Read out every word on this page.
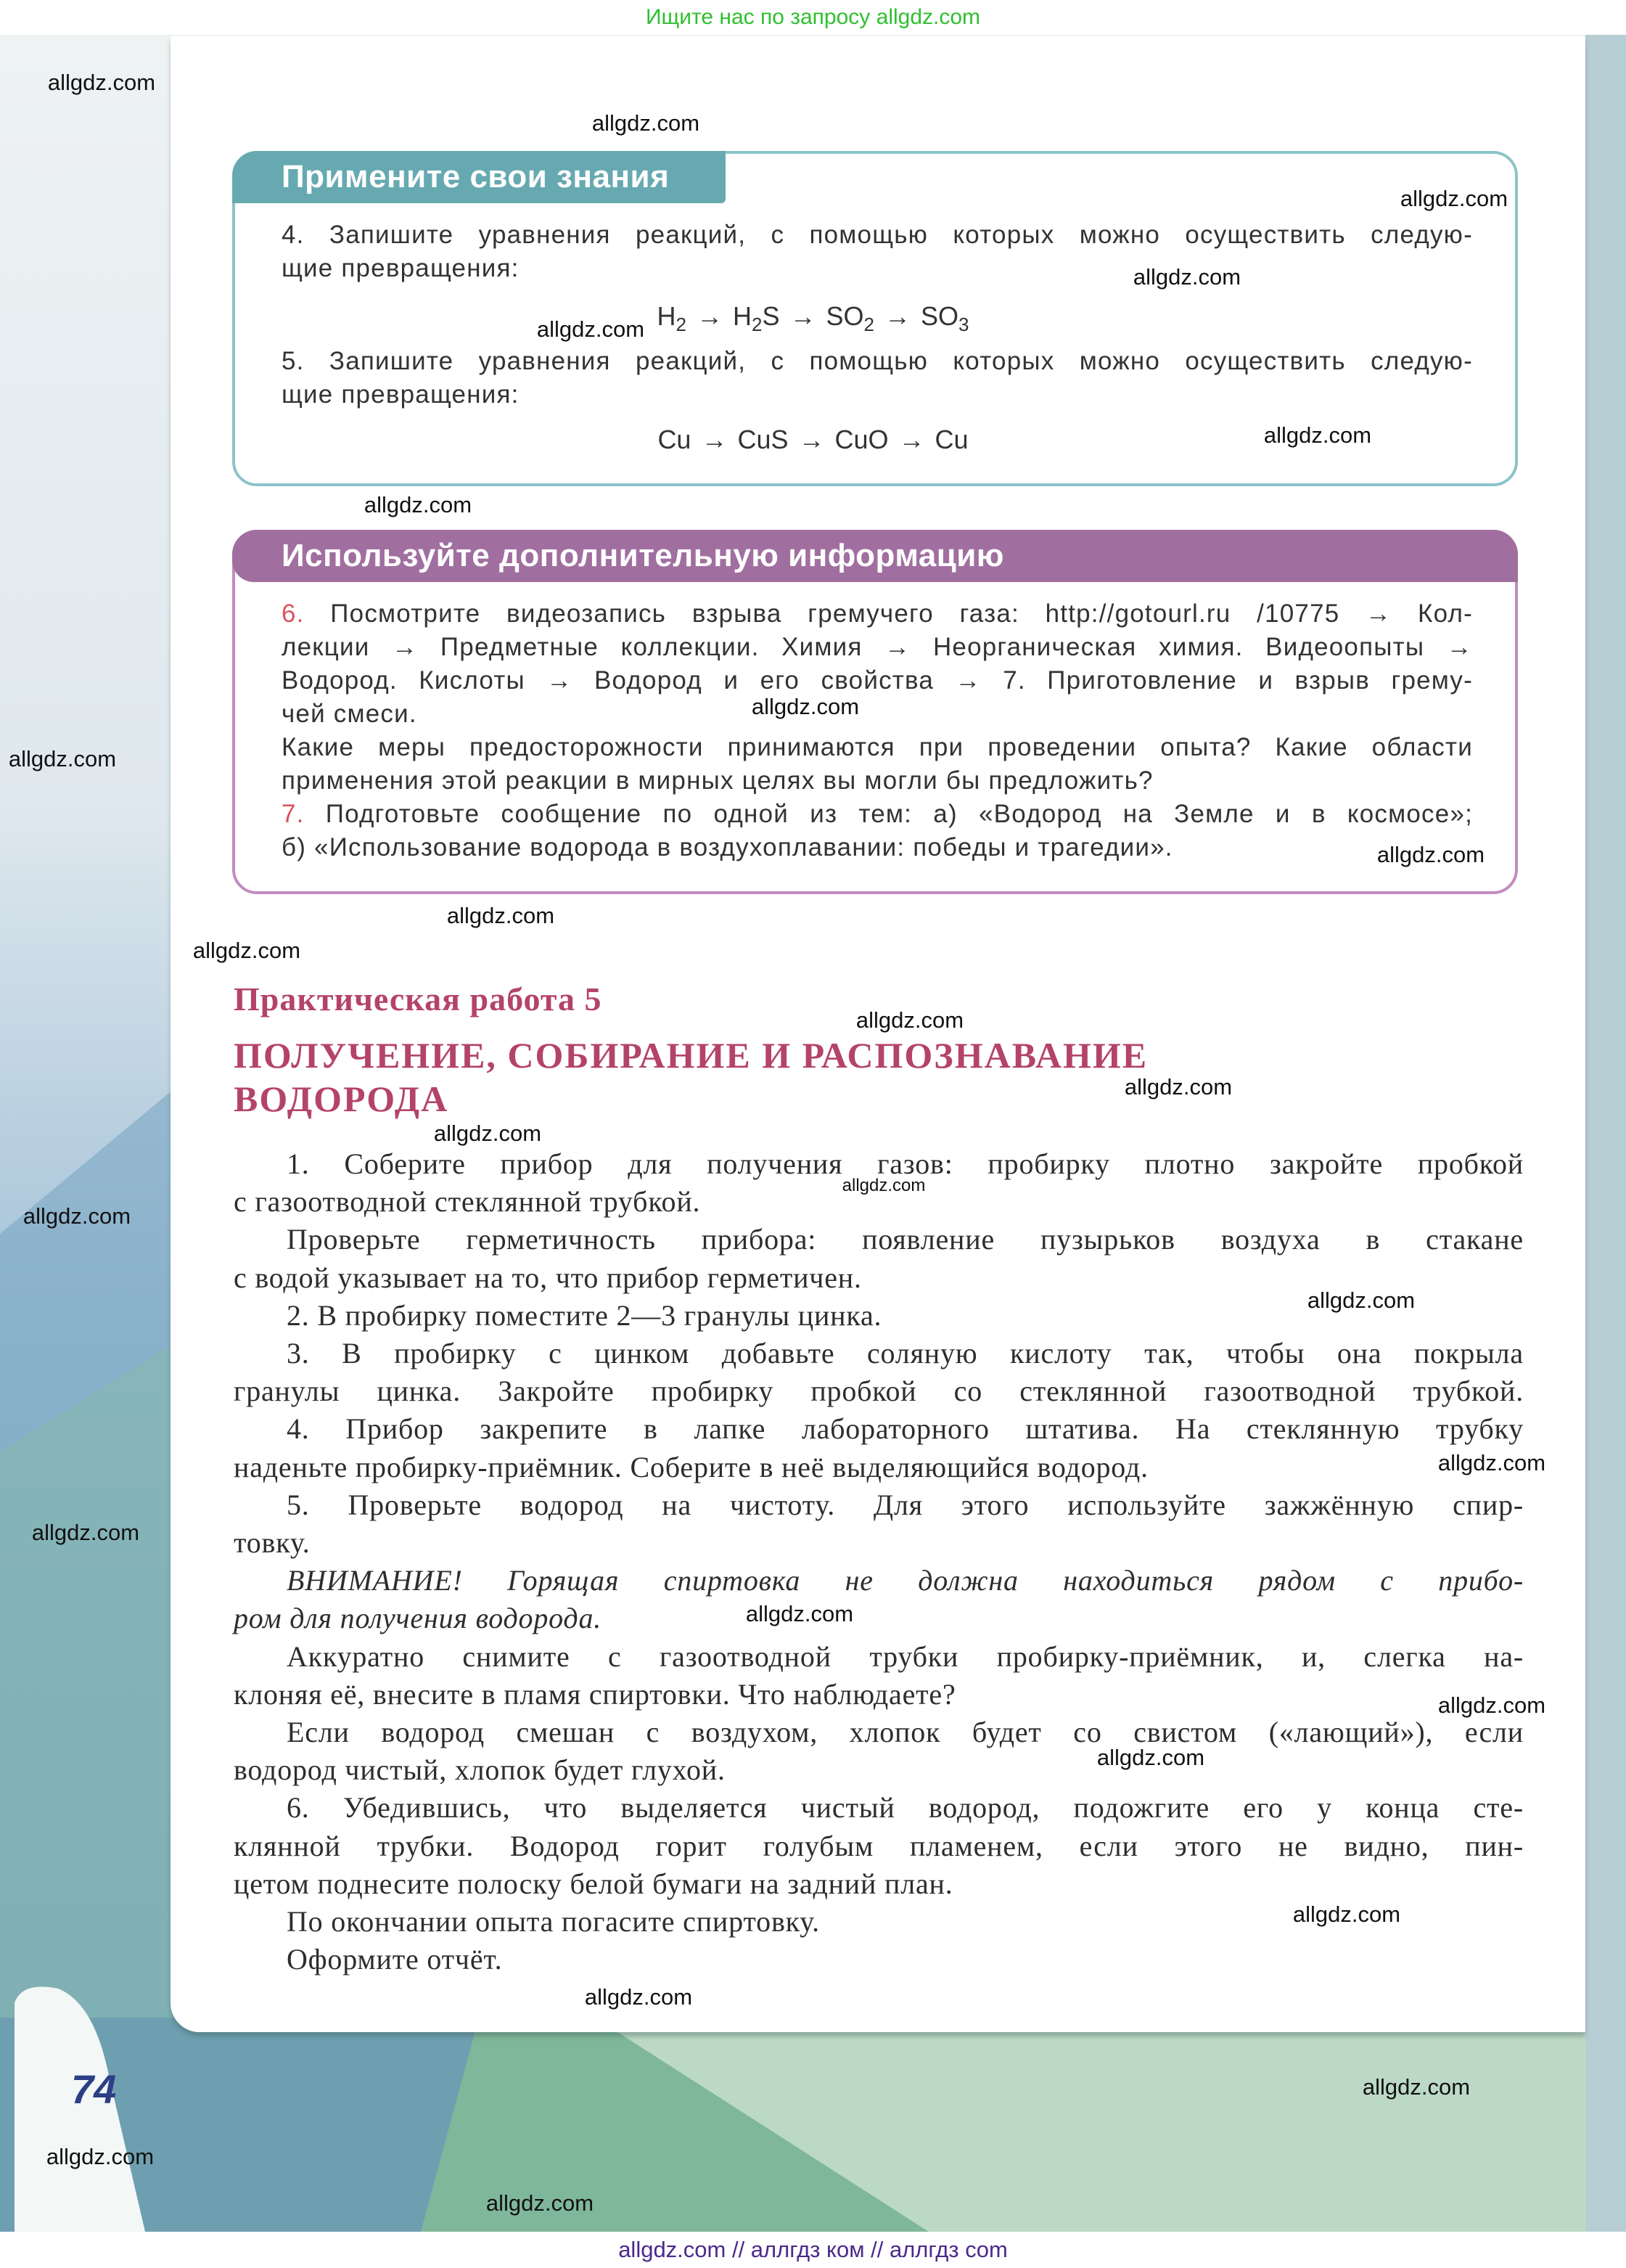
Ищите нас по запросу allgdz.com
Примените свои знания
4. Запишите уравнения реакций, с помощью которых можно осуществить следую-
щие превращения:
$H_2 \to H_2S \to SO_2 \to SO_3$
5. Запишите уравнения реакций, с помощью которых можно осуществить следую-
щие превращения:
Cu → CuS → CuO → Cu
Используйте дополнительную информацию
6. Посмотрите видеозапись взрыва гремучего газа: http://gotourl.ru /10775 → Кол-
лекции → Предметные коллекции. Химия → Неорганическая химия. Видеоопыты →
Водород. Кислоты → Водород и его свойства → 7. Приготовление и взрыв грему-
чей смеси.
Какие меры предосторожности принимаются при проведении опыта? Какие области
применения этой реакции в мирных целях вы могли бы предложить?
7. Подготовьте сообщение по одной из тем: а) «Водород на Земле и в космосе»;
б) «Использование водорода в воздухоплавании: победы и трагедии».
Практическая работа 5
ПОЛУЧЕНИЕ, СОБИРАНИЕ И РАСПОЗНАВАНИЕ
ВОДОРОДА
1. Соберите прибор для получения газов: пробирку плотно закройте пробкой
с газоотводной стеклянной трубкой.
Проверьте герметичность прибора: появление пузырьков воздуха в стакане
с водой указывает на то, что прибор герметичен.
2. В пробирку поместите 2—3 гранулы цинка.
3. В пробирку с цинком добавьте соляную кислоту так, чтобы она покрыла
гранулы цинка. Закройте пробирку пробкой со стеклянной газоотводной трубкой.
4. Прибор закрепите в лапке лабораторного штатива. На стеклянную трубку
наденьте пробирку-приёмник. Соберите в неё выделяющийся водород.
5. Проверьте водород на чистоту. Для этого используйте зажжённую спир-
товку.
ВНИМАНИЕ! Горящая спиртовка не должна находиться рядом с прибо-
ром для получения водорода.
Аккуратно снимите с газоотводной трубки пробирку-приёмник, и, слегка на-
клоняя её, внесите в пламя спиртовки. Что наблюдаете?
Если водород смешан с воздухом, хлопок будет со свистом («лающий»), если
водород чистый, хлопок будет глухой.
6. Убедившись, что выделяется чистый водород, подожгите его у конца сте-
клянной трубки. Водород горит голубым пламенем, если этого не видно, пин-
цетом поднесите полоску белой бумаги на задний план.
По окончании опыта погасите спиртовку.
Оформите отчёт.
74
allgdz.com
allgdz.com
allgdz.com
allgdz.com
allgdz.com
allgdz.com
allgdz.com
allgdz.com
allgdz.com
allgdz.com
allgdz.com
allgdz.com
allgdz.com
allgdz.com
allgdz.com
allgdz.com
allgdz.com
allgdz.com
allgdz.com
allgdz.com
allgdz.com
allgdz.com
allgdz.com
allgdz.com
allgdz.com
allgdz.com
allgdz.com
allgdz.com
allgdz.com // аллгдз ком // аллгдз com
